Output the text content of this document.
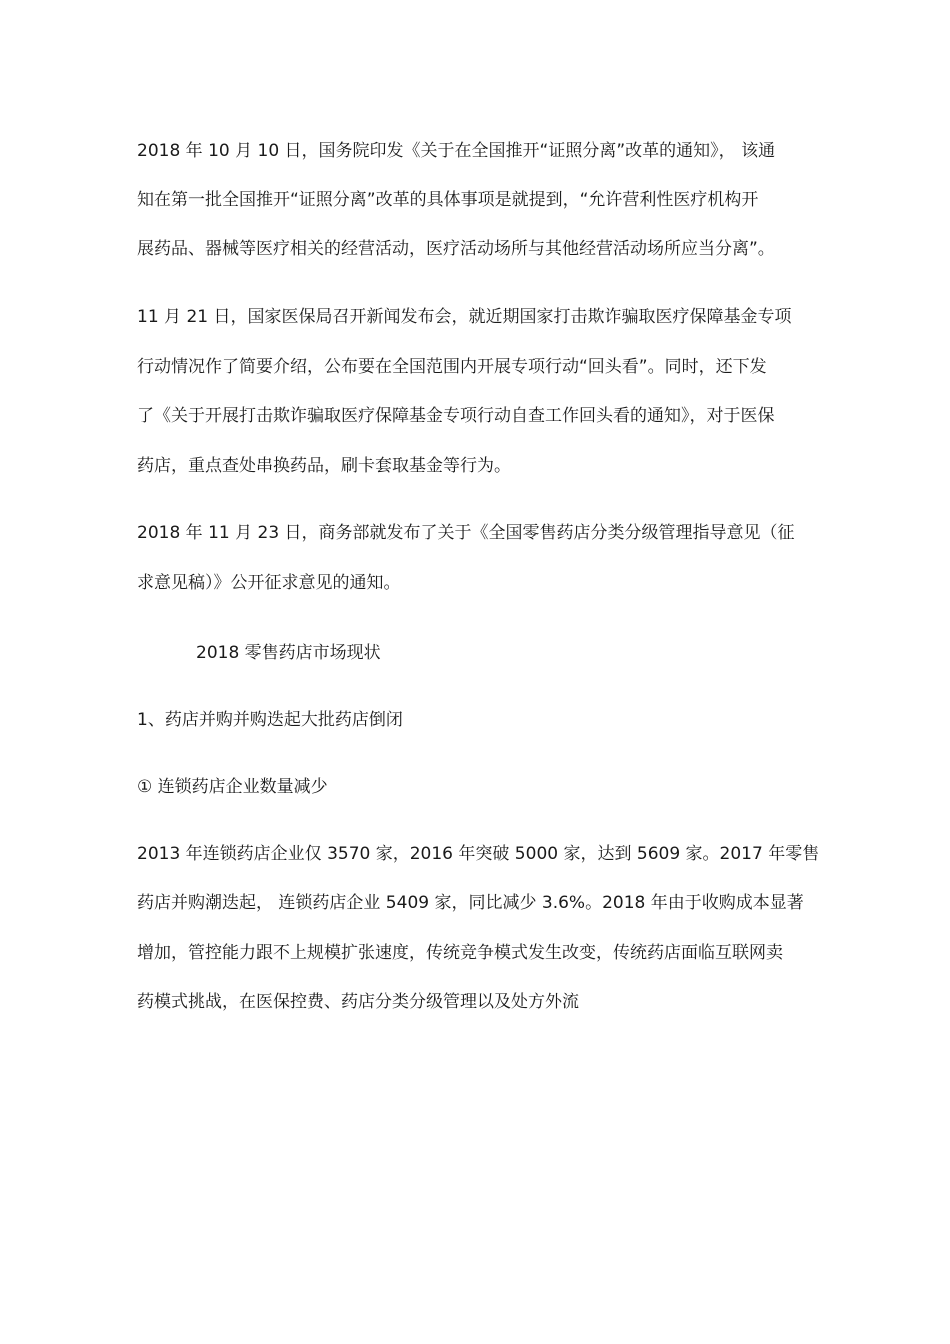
2018 年 10 月 10 日，国务院印发《关于在全国推开“证照分离”改革的通知》， 该通
知在第一批全国推开“证照分离”改革的具体事项是就提到，“允许营利性医疗机构开
展药品、器械等医疗相关的经营活动，医疗活动场所与其他经营活动场所应当分离”。
11 月 21 日，国家医保局召开新闻发布会，就近期国家打击欺诈骗取医疗保障基金专项
行动情况作了简要介绍，公布要在全国范围内开展专项行动“回头看”。同时，还下发
了《关于开展打击欺诈骗取医疗保障基金专项行动自查工作回头看的通知》，对于医保
药店，重点查处串换药品，刷卡套取基金等行为。
2018 年 11 月 23 日，商务部就发布了关于《全国零售药店分类分级管理指导意见（征
求意见稿）》公开征求意见的通知。
2018 零售药店市场现状
1、药店并购并购迭起大批药店倒闭
① 连锁药店企业数量减少
2013 年连锁药店企业仅 3570 家，2016 年突破 5000 家，达到 5609 家。2017 年零售
药店并购潮迭起， 连锁药店企业 5409 家，同比减少 3.6%。2018 年由于收购成本显著
增加，管控能力跟不上规模扩张速度，传统竞争模式发生改变，传统药店面临互联网卖
药模式挑战，在医保控费、药店分类分级管理以及处方外流
